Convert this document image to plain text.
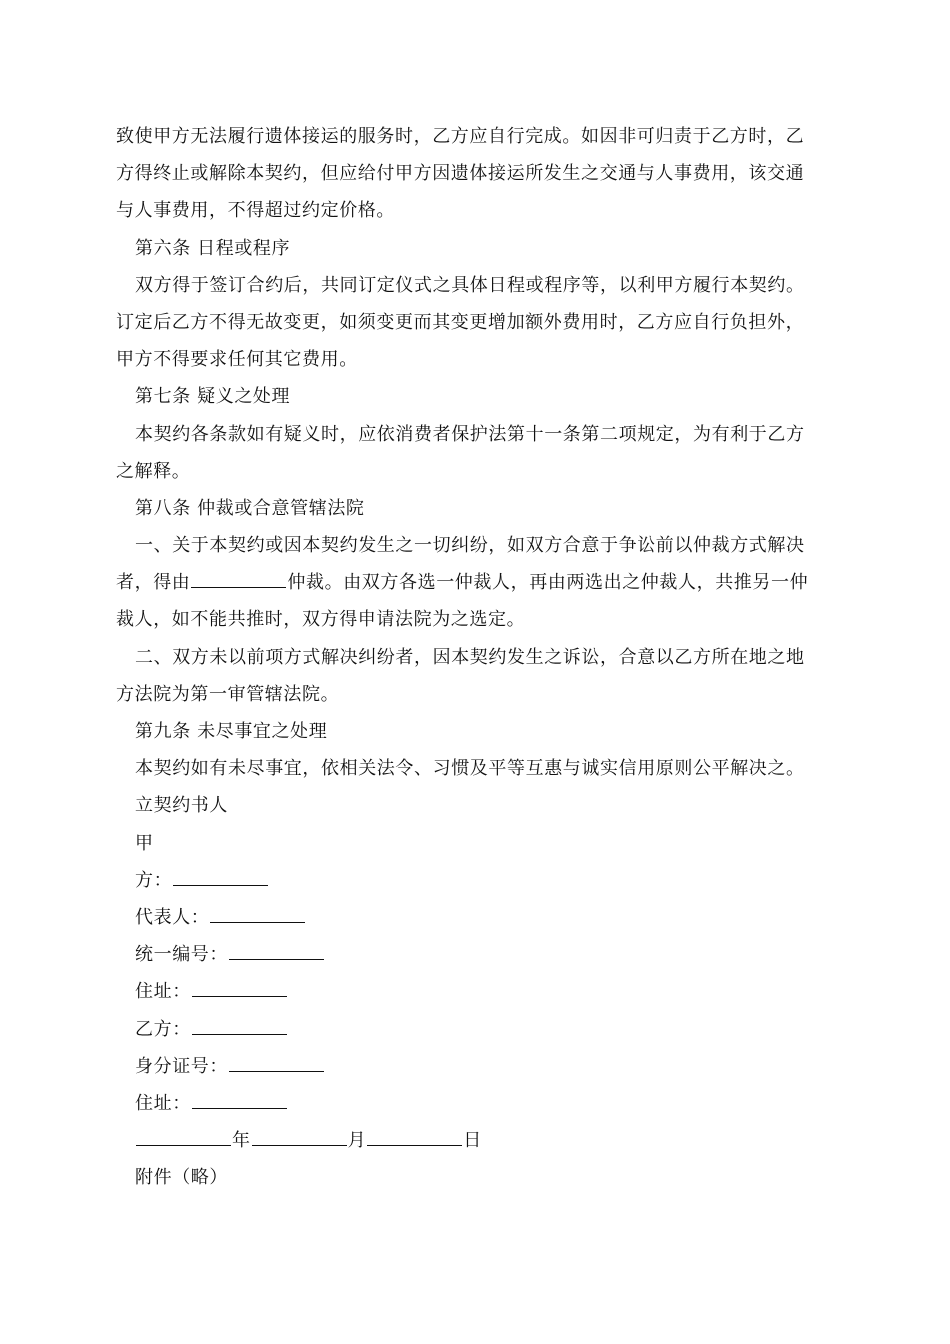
致使甲方无法履行遗体接运的服务时，乙方应自行完成。如因非可归责于乙方时，乙
方得终止或解除本契约，但应给付甲方因遗体接运所发生之交通与人事费用，该交通
与人事费用，不得超过约定价格。
第六条 日程或程序
双方得于签订合约后，共同订定仪式之具体日程或程序等，以利甲方履行本契约。
订定后乙方不得无故变更，如须变更而其变更增加额外费用时，乙方应自行负担外，
甲方不得要求任何其它费用。
第七条 疑义之处理
本契约各条款如有疑义时，应依消费者保护法第十一条第二项规定，为有利于乙方
之解释。
第八条 仲裁或合意管辖法院
一、关于本契约或因本契约发生之一切纠纷，如双方合意于争讼前以仲裁方式解决
者，得由	仲裁。由双方各选一仲裁人，再由两选出之仲裁人，共推另一仲
裁人，如不能共推时，双方得申请法院为之选定。
二、双方未以前项方式解决纠纷者，因本契约发生之诉讼，合意以乙方所在地之地
方法院为第一审管辖法院。
第九条 未尽事宜之处理
本契约如有未尽事宜，依相关法令、习惯及平等互惠与诚实信用原则公平解决之。
立契约书人
甲
方：
代表人：
统一编号：
住址：
乙方：
身分证号：
住址：
年	月	日
附件（略）
